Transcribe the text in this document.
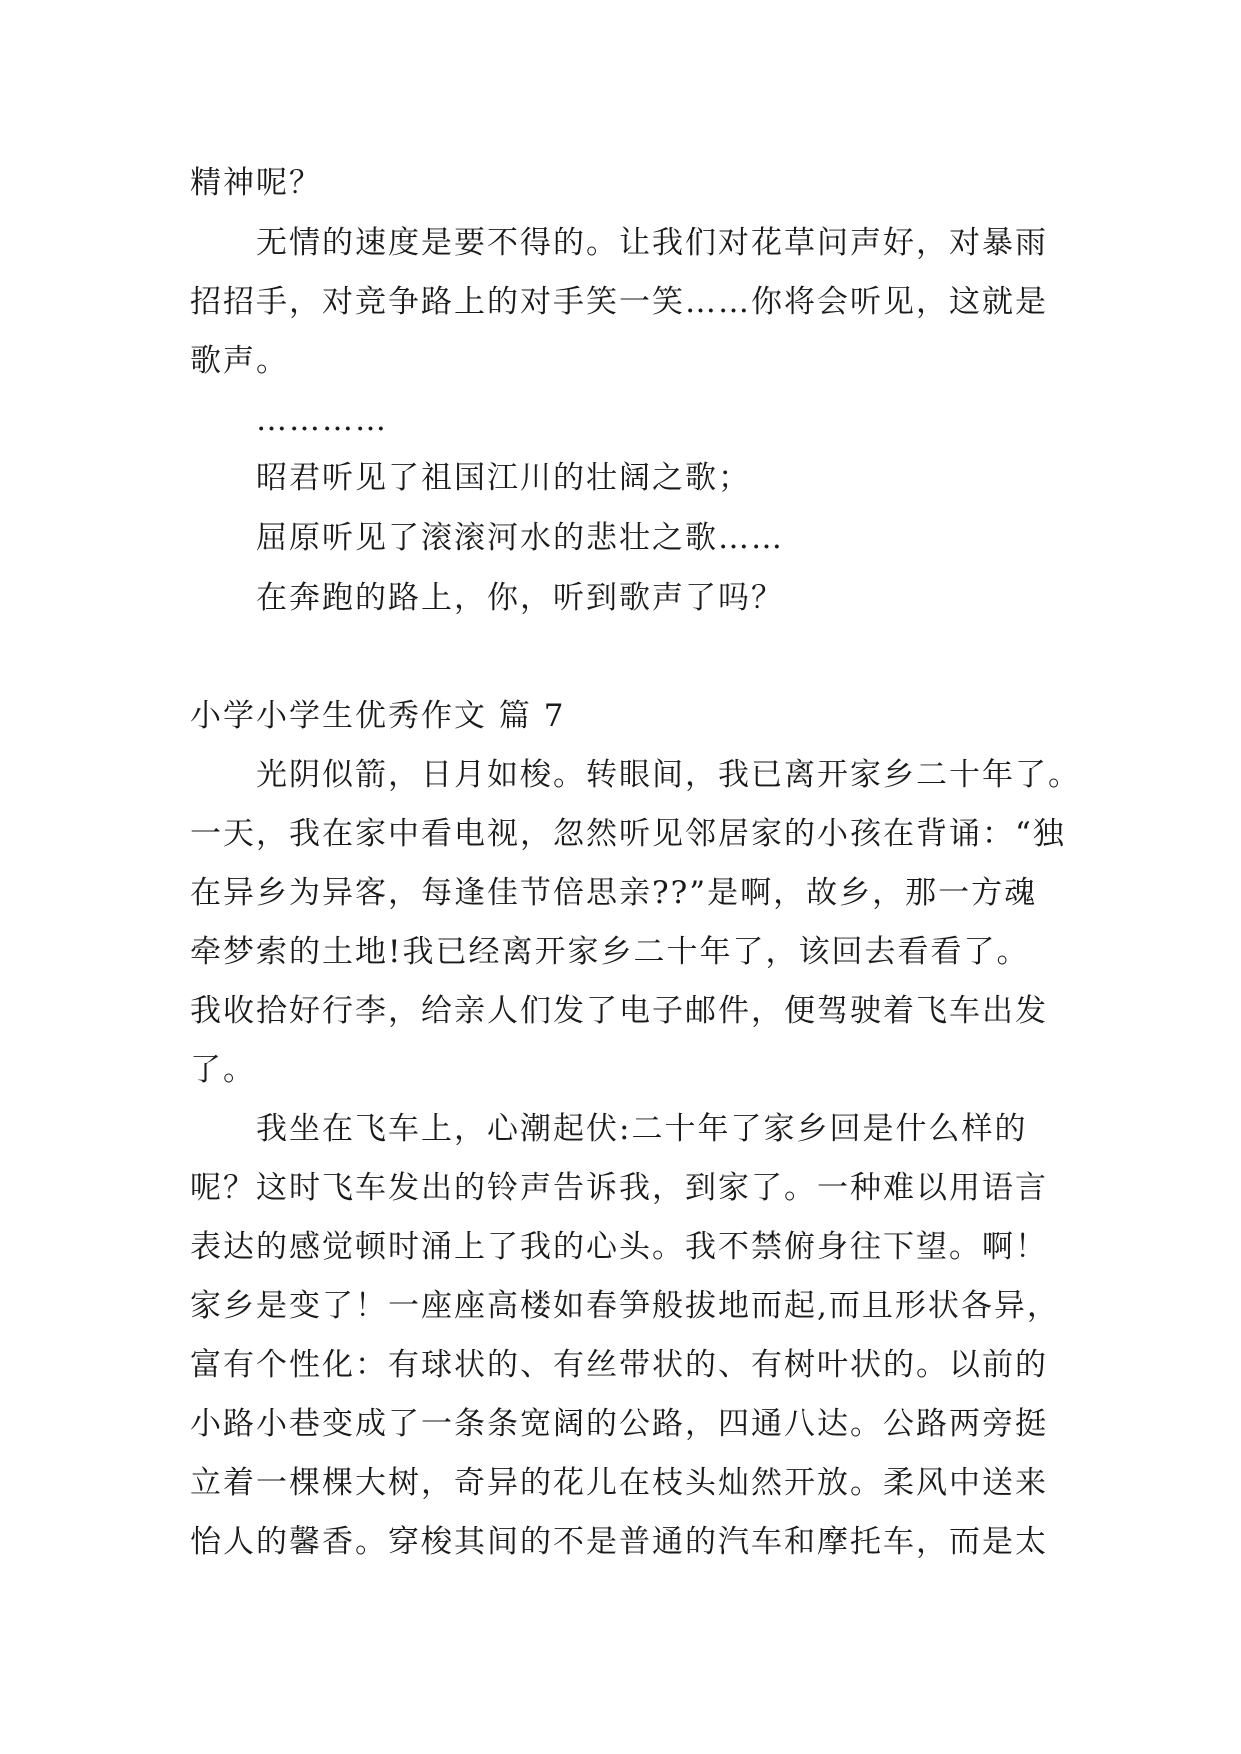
精神呢？
无情的速度是要不得的。让我们对花草问声好，对暴雨
招招手，对竞争路上的对手笑一笑……你将会听见，这就是
歌声。
…………
昭君听见了祖国江川的壮阔之歌；
屈原听见了滚滚河水的悲壮之歌……
在奔跑的路上，你，听到歌声了吗？
小学小学生优秀作文 篇 7
光阴似箭，日月如梭。转眼间，我已离开家乡二十年了。
一天，我在家中看电视，忽然听见邻居家的小孩在背诵：“独
在异乡为异客，每逢佳节倍思亲??”是啊，故乡，那一方魂
牵梦索的土地!我已经离开家乡二十年了，该回去看看了。
我收拾好行李，给亲人们发了电子邮件，便驾驶着飞车出发
了。
我坐在飞车上，心潮起伏:二十年了家乡回是什么样的
呢？这时飞车发出的铃声告诉我，到家了。一种难以用语言
表达的感觉顿时涌上了我的心头。我不禁俯身往下望。啊！
家乡是变了！一座座高楼如春笋般拔地而起,而且形状各异，
富有个性化：有球状的、有丝带状的、有树叶状的。以前的
小路小巷变成了一条条宽阔的公路，四通八达。公路两旁挺
立着一棵棵大树，奇异的花儿在枝头灿然开放。柔风中送来
怡人的馨香。穿梭其间的不是普通的汽车和摩托车，而是太
